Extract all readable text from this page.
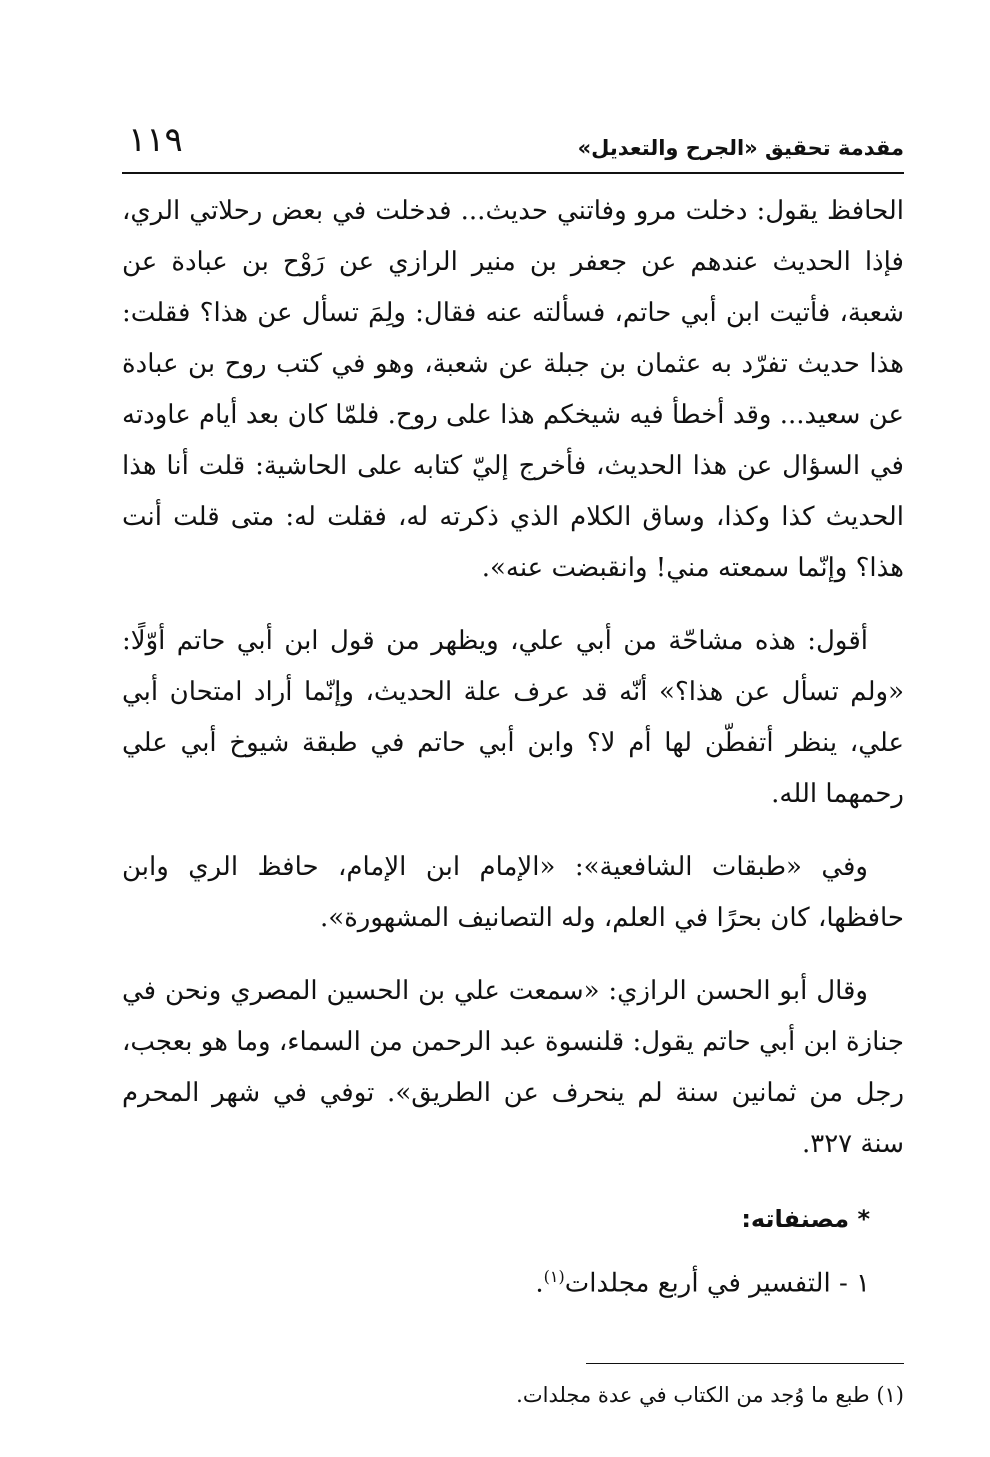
مقدمة تحقيق «الجرح والتعديل»
١١٩

الحافظ يقول: دخلت مرو وفاتني حديث... فدخلت في بعض رحلاتي الري، فإذا الحديث عندهم عن جعفر بن منير الرازي عن رَوْح بن عبادة عن شعبة، فأتيت ابن أبي حاتم، فسألته عنه فقال: ولِمَ تسأل عن هذا؟ فقلت: هذا حديث تفرّد به عثمان بن جبلة عن شعبة، وهو في كتب روح بن عبادة عن سعيد... وقد أخطأ فيه شيخكم هذا على روح. فلمّا كان بعد أيام عاودته في السؤال عن هذا الحديث، فأخرج إليّ كتابه على الحاشية: قلت أنا هذا الحديث كذا وكذا، وساق الكلام الذي ذكرته له، فقلت له: متى قلت أنت هذا؟ وإنّما سمعته مني! وانقبضت عنه».

أقول: هذه مشاحّة من أبي علي، ويظهر من قول ابن أبي حاتم أوّلًا: «ولم تسأل عن هذا؟» أنّه قد عرف علة الحديث، وإنّما أراد امتحان أبي علي، ينظر أتفطّن لها أم لا؟ وابن أبي حاتم في طبقة شيوخ أبي علي رحمهما الله.

وفي «طبقات الشافعية»: «الإمام ابن الإمام، حافظ الري وابن حافظها، كان بحرًا في العلم، وله التصانيف المشهورة».

وقال أبو الحسن الرازي: «سمعت علي بن الحسين المصري ونحن في جنازة ابن أبي حاتم يقول: قلنسوة عبد الرحمن من السماء، وما هو بعجب، رجل من ثمانين سنة لم ينحرف عن الطريق». توفي في شهر المحرم سنة ٣٢٧.

* مصنفاته:
١ - التفسير في أربع مجلدات$^{(١)}$.

(١) طبع ما وُجد من الكتاب في عدة مجلدات.
